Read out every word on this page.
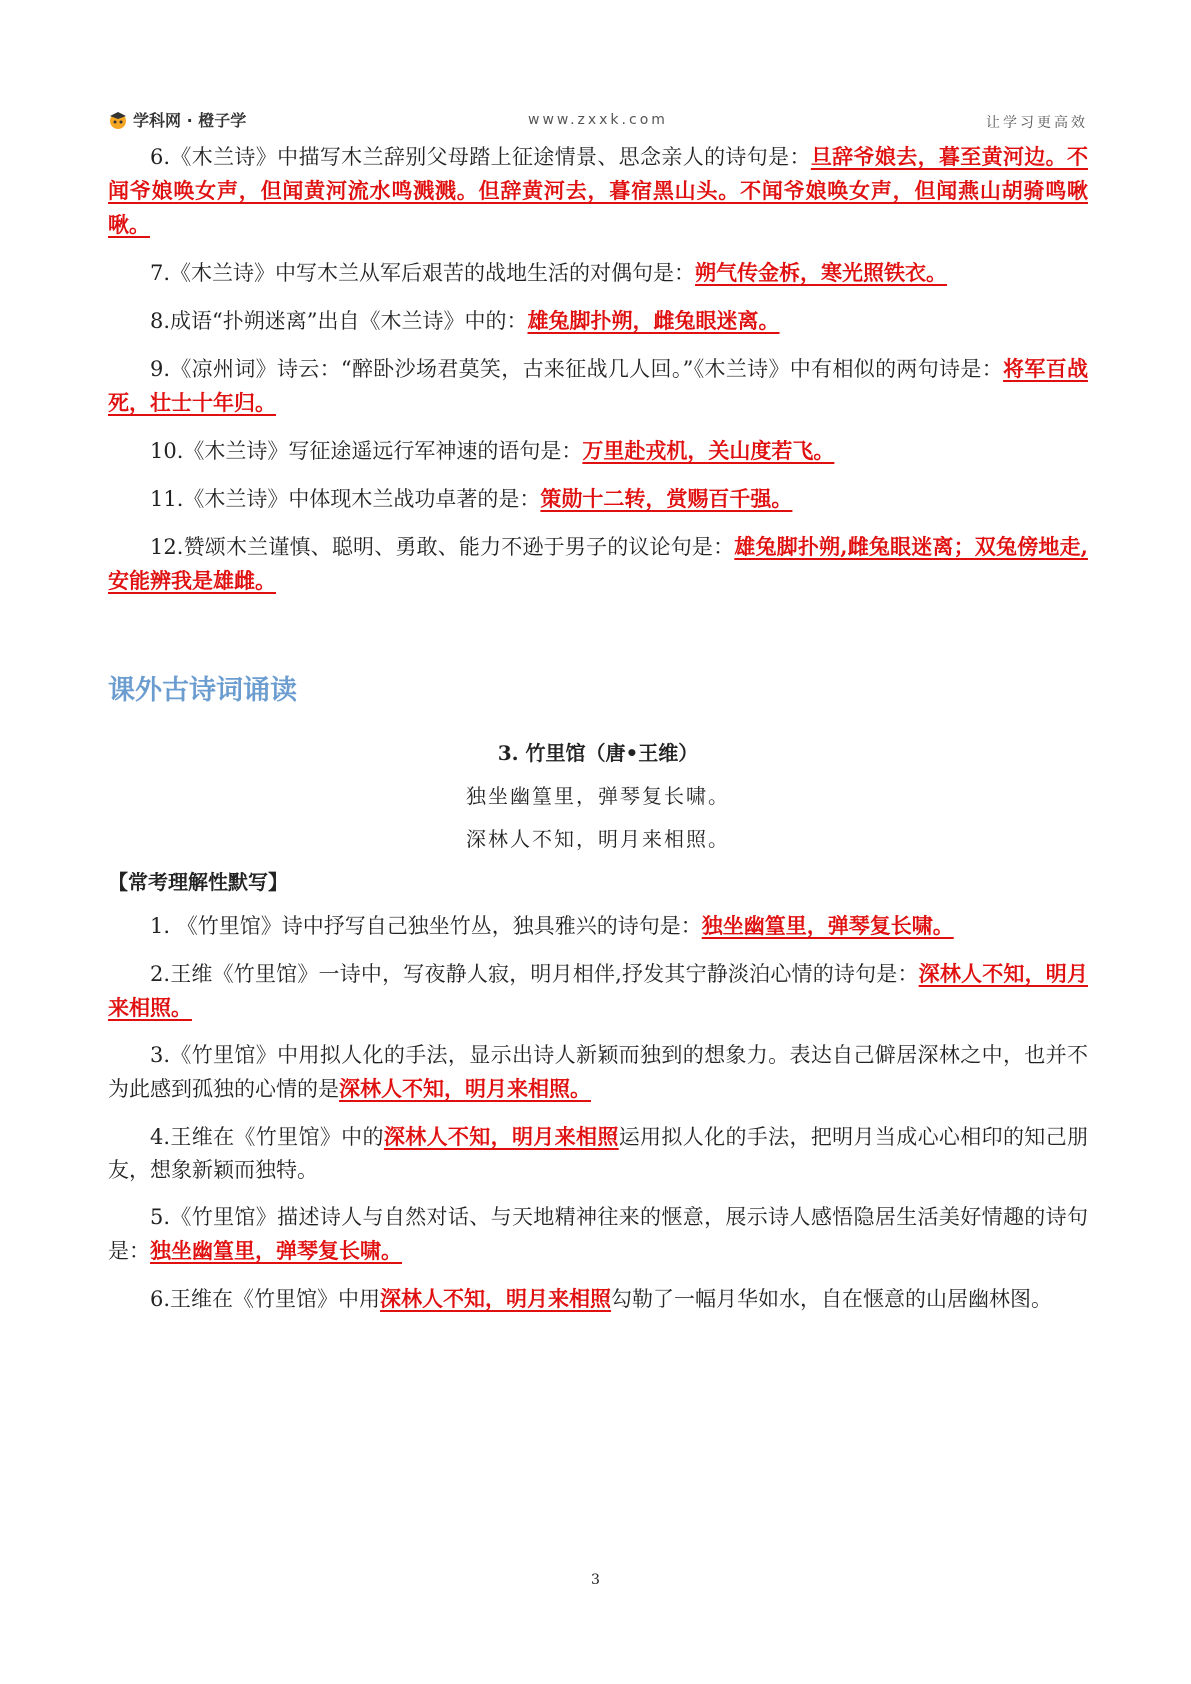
学科网 · 橙子学	www.zxxk.com	让学习更高效

6.《木兰诗》中描写木兰辞别父母踏上征途情景、思念亲人的诗句是：旦辞爷娘去，暮至黄河边。不闻爷娘唤女声，但闻黄河流水鸣溅溅。但辞黄河去，暮宿黑山头。不闻爷娘唤女声，但闻燕山胡骑鸣啾啾。

7.《木兰诗》中写木兰从军后艰苦的战地生活的对偶句是：朔气传金柝，寒光照铁衣。

8.成语“扑朔迷离”出自《木兰诗》中的：雄兔脚扑朔，雌兔眼迷离。

9.《凉州词》诗云：“醉卧沙场君莫笑，古来征战几人回。”《木兰诗》中有相似的两句诗是：将军百战死，壮士十年归。

10.《木兰诗》写征途遥远行军神速的语句是：万里赴戎机，关山度若飞。

11.《木兰诗》中体现木兰战功卓著的是：策勋十二转，赏赐百千强。

12.赞颂木兰谨慎、聪明、勇敢、能力不逊于男子的议论句是：雄兔脚扑朔,雌兔眼迷离；双兔傍地走,安能辨我是雄雌。

课外古诗词诵读
3. 竹里馆（唐•王维）
独坐幽篁里，弹琴复长啸。
深林人不知，明月来相照。
【常考理解性默写】

1. 《竹里馆》诗中抒写自己独坐竹丛，独具雅兴的诗句是：独坐幽篁里，弹琴复长啸。

2.王维《竹里馆》一诗中，写夜静人寂，明月相伴,抒发其宁静淡泊心情的诗句是：深林人不知，明月来相照。

3.《竹里馆》中用拟人化的手法，显示出诗人新颖而独到的想象力。表达自己僻居深林之中，也并不为此感到孤独的心情的是深林人不知，明月来相照。

4.王维在《竹里馆》中的深林人不知，明月来相照运用拟人化的手法，把明月当成心心相印的知己朋友，想象新颖而独特。

5.《竹里馆》描述诗人与自然对话、与天地精神往来的惬意，展示诗人感悟隐居生活美好情趣的诗句是：独坐幽篁里，弹琴复长啸。

6.王维在《竹里馆》中用深林人不知，明月来相照勾勒了一幅月华如水，自在惬意的山居幽林图。

3
